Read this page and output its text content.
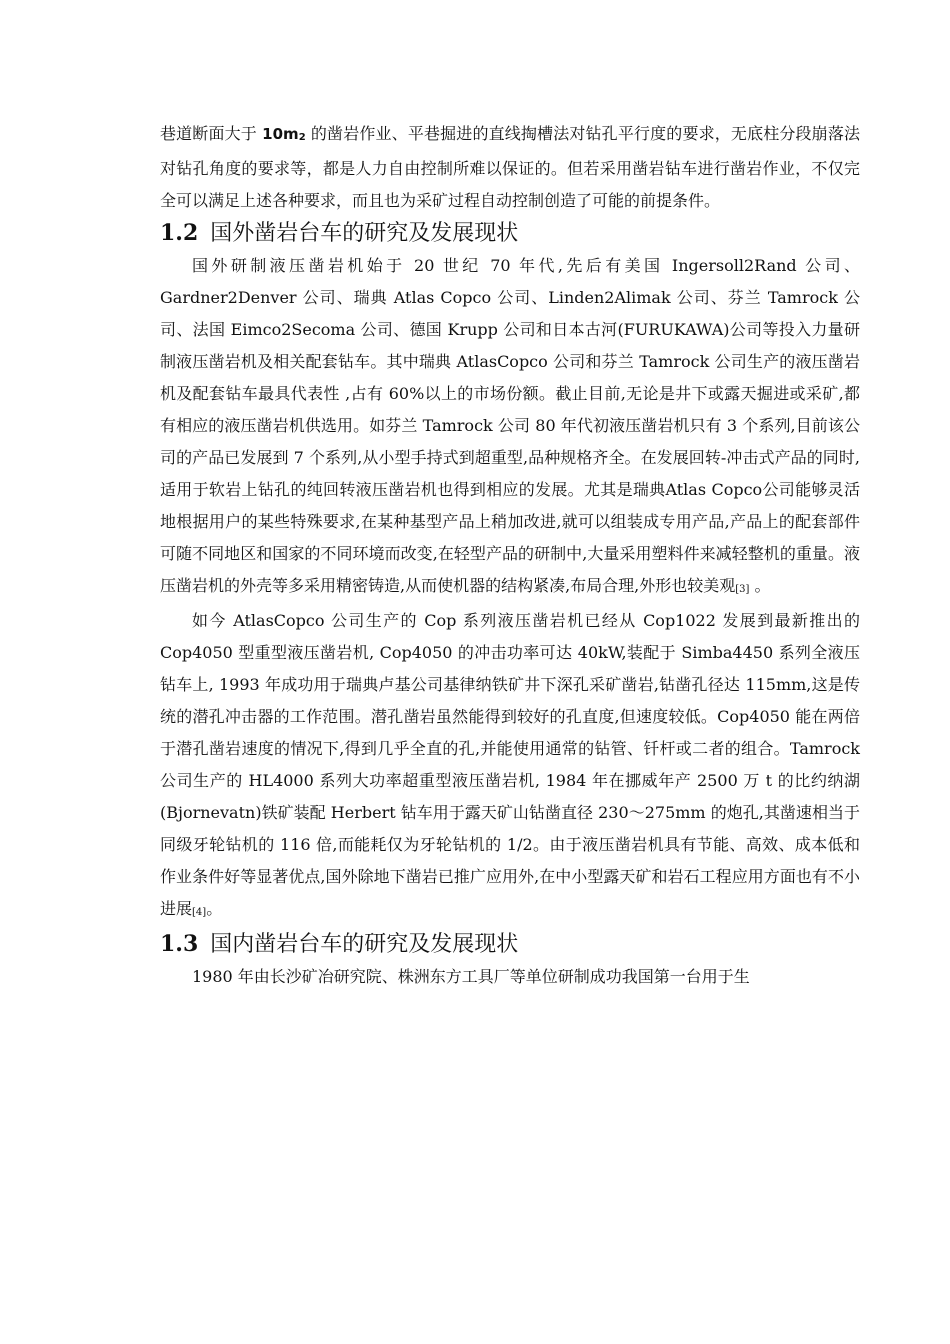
巷道断面大于 10m2 的凿岩作业、平巷掘进的直线掏槽法对钻孔平行度的要求，无底柱分段崩落法对钻孔角度的要求等，都是人力自由控制所难以保证的。但若采用凿岩钻车进行凿岩作业，不仅完全可以满足上述各种要求，而且也为采矿过程自动控制创造了可能的前提条件。

1.2 国外凿岩台车的研究及发展现状

国外研制液压凿岩机始于 20 世纪 70 年代,先后有美国 Ingersoll2Rand 公司、Gardner2Denver 公司、瑞典 Atlas Copco 公司、Linden2Alimak 公司、芬兰 Tamrock 公司、法国 Eimco2Secoma 公司、德国 Krupp 公司和日本古河(FURUKAWA)公司等投入力量研制液压凿岩机及相关配套钻车。其中瑞典 AtlasCopco 公司和芬兰 Tamrock 公司生产的液压凿岩机及配套钻车最具代表性 ,占有 60%以上的市场份额。截止目前,无论是井下或露天掘进或采矿,都有相应的液压凿岩机供选用。如芬兰 Tamrock 公司 80 年代初液压凿岩机只有 3 个系列,目前该公司的产品已发展到 7 个系列,从小型手持式到超重型,品种规格齐全。在发展回转-冲击式产品的同时,适用于软岩上钻孔的纯回转液压凿岩机也得到相应的发展。尤其是瑞典Atlas Copco公司能够灵活地根据用户的某些特殊要求,在某种基型产品上稍加改进,就可以组装成专用产品,产品上的配套部件可随不同地区和国家的不同环境而改变,在轻型产品的研制中,大量采用塑料件来减轻整机的重量。液压凿岩机的外壳等多采用精密铸造,从而使机器的结构紧凑,布局合理,外形也较美观[3] 。

如今 AtlasCopco 公司生产的 Cop 系列液压凿岩机已经从 Cop1022 发展到最新推出的 Cop4050 型重型液压凿岩机, Cop4050 的冲击功率可达 40kW,装配于 Simba4450 系列全液压钻车上, 1993 年成功用于瑞典卢基公司基律纳铁矿井下深孔采矿凿岩,钻凿孔径达 115mm,这是传统的潜孔冲击器的工作范围。潜孔凿岩虽然能得到较好的孔直度,但速度较低。Cop4050 能在两倍于潜孔凿岩速度的情况下,得到几乎全直的孔,并能使用通常的钻管、钎杆或二者的组合。Tamrock 公司生产的 HL4000 系列大功率超重型液压凿岩机, 1984 年在挪威年产 2500 万 t 的比约纳湖(Bjornevatn)铁矿装配 Herbert 钻车用于露天矿山钻凿直径 230～275mm 的炮孔,其凿速相当于同级牙轮钻机的 116 倍,而能耗仅为牙轮钻机的 1/2。由于液压凿岩机具有节能、高效、成本低和作业条件好等显著优点,国外除地下凿岩已推广应用外,在中小型露天矿和岩石工程应用方面也有不小进展[4]。

1.3 国内凿岩台车的研究及发展现状

1980 年由长沙矿冶研究院、株洲东方工具厂等单位研制成功我国第一台用于生
